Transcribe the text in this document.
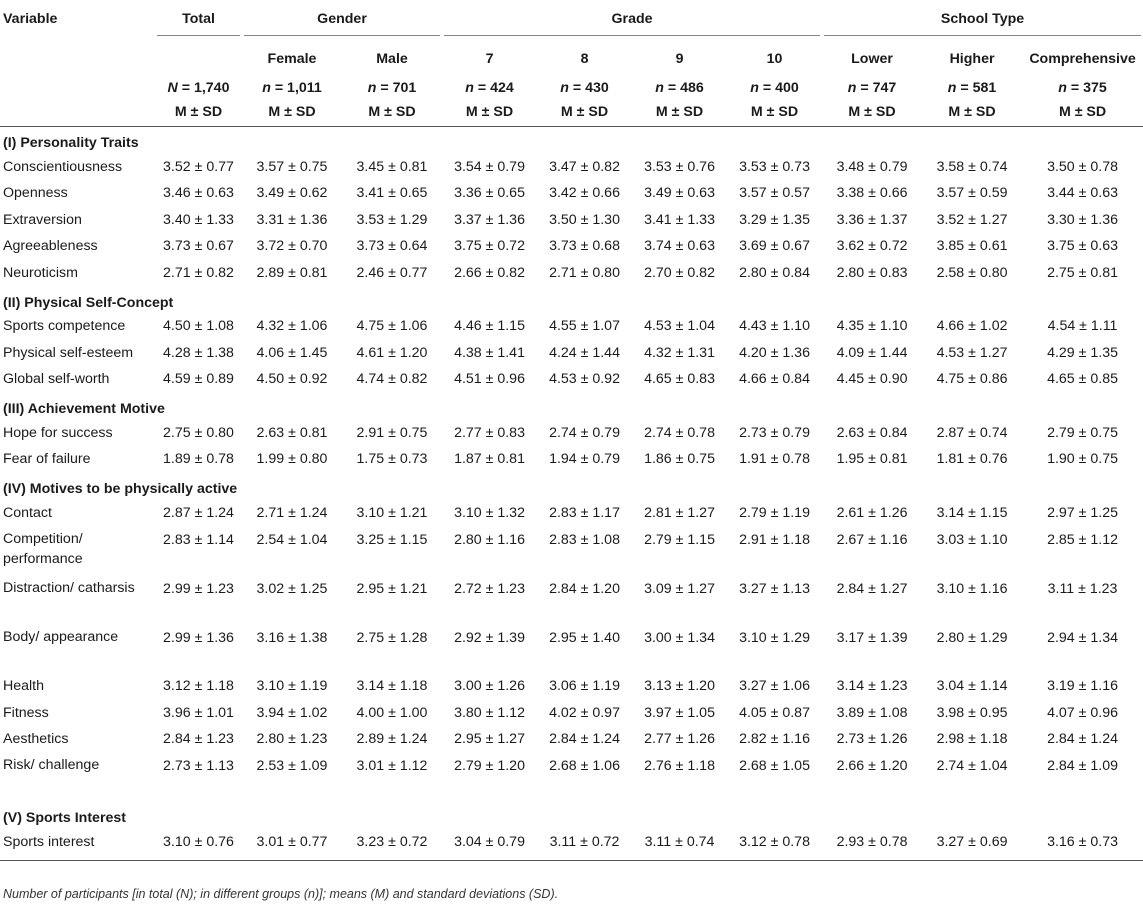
Variable	Total	Gender		Grade				School Type		

		Female	Male	7	8	9	10	Lower	Higher	Comprehensive
	N = 1,740	n = 1,011	n = 701	n = 424	n = 430	n = 486	n = 400	n = 747	n = 581	n = 375
	M ± SD	M ± SD	M ± SD	M ± SD	M ± SD	M ± SD	M ± SD	M ± SD	M ± SD	M ± SD
(I) Personality Traits										
Conscientiousness	3.52 ± 0.77	3.57 ± 0.75	3.45 ± 0.81	3.54 ± 0.79	3.47 ± 0.82	3.53 ± 0.76	3.53 ± 0.73	3.48 ± 0.79	3.58 ± 0.74	3.50 ± 0.78
Openness	3.46 ± 0.63	3.49 ± 0.62	3.41 ± 0.65	3.36 ± 0.65	3.42 ± 0.66	3.49 ± 0.63	3.57 ± 0.57	3.38 ± 0.66	3.57 ± 0.59	3.44 ± 0.63
Extraversion	3.40 ± 1.33	3.31 ± 1.36	3.53 ± 1.29	3.37 ± 1.36	3.50 ± 1.30	3.41 ± 1.33	3.29 ± 1.35	3.36 ± 1.37	3.52 ± 1.27	3.30 ± 1.36
Agreeableness	3.73 ± 0.67	3.72 ± 0.70	3.73 ± 0.64	3.75 ± 0.72	3.73 ± 0.68	3.74 ± 0.63	3.69 ± 0.67	3.62 ± 0.72	3.85 ± 0.61	3.75 ± 0.63
Neuroticism	2.71 ± 0.82	2.89 ± 0.81	2.46 ± 0.77	2.66 ± 0.82	2.71 ± 0.80	2.70 ± 0.82	2.80 ± 0.84	2.80 ± 0.83	2.58 ± 0.80	2.75 ± 0.81
(II) Physical Self-Concept										
Sports competence	4.50 ± 1.08	4.32 ± 1.06	4.75 ± 1.06	4.46 ± 1.15	4.55 ± 1.07	4.53 ± 1.04	4.43 ± 1.10	4.35 ± 1.10	4.66 ± 1.02	4.54 ± 1.11
Physical self-esteem	4.28 ± 1.38	4.06 ± 1.45	4.61 ± 1.20	4.38 ± 1.41	4.24 ± 1.44	4.32 ± 1.31	4.20 ± 1.36	4.09 ± 1.44	4.53 ± 1.27	4.29 ± 1.35
Global self-worth	4.59 ± 0.89	4.50 ± 0.92	4.74 ± 0.82	4.51 ± 0.96	4.53 ± 0.92	4.65 ± 0.83	4.66 ± 0.84	4.45 ± 0.90	4.75 ± 0.86	4.65 ± 0.85
(III) Achievement Motive										
Hope for success	2.75 ± 0.80	2.63 ± 0.81	2.91 ± 0.75	2.77 ± 0.83	2.74 ± 0.79	2.74 ± 0.78	2.73 ± 0.79	2.63 ± 0.84	2.87 ± 0.74	2.79 ± 0.75
Fear of failure	1.89 ± 0.78	1.99 ± 0.80	1.75 ± 0.73	1.87 ± 0.81	1.94 ± 0.79	1.86 ± 0.75	1.91 ± 0.78	1.95 ± 0.81	1.81 ± 0.76	1.90 ± 0.75
(IV) Motives to be physically active										
Contact	2.87 ± 1.24	2.71 ± 1.24	3.10 ± 1.21	3.10 ± 1.32	2.83 ± 1.17	2.81 ± 1.27	2.79 ± 1.19	2.61 ± 1.26	3.14 ± 1.15	2.97 ± 1.25
Competition/ performance	2.83 ± 1.14	2.54 ± 1.04	3.25 ± 1.15	2.80 ± 1.16	2.83 ± 1.08	2.79 ± 1.15	2.91 ± 1.18	2.67 ± 1.16	3.03 ± 1.10	2.85 ± 1.12
Distraction/ catharsis	2.99 ± 1.23	3.02 ± 1.25	2.95 ± 1.21	2.72 ± 1.23	2.84 ± 1.20	3.09 ± 1.27	3.27 ± 1.13	2.84 ± 1.27	3.10 ± 1.16	3.11 ± 1.23
Body/ appearance	2.99 ± 1.36	3.16 ± 1.38	2.75 ± 1.28	2.92 ± 1.39	2.95 ± 1.40	3.00 ± 1.34	3.10 ± 1.29	3.17 ± 1.39	2.80 ± 1.29	2.94 ± 1.34
Health	3.12 ± 1.18	3.10 ± 1.19	3.14 ± 1.18	3.00 ± 1.26	3.06 ± 1.19	3.13 ± 1.20	3.27 ± 1.06	3.14 ± 1.23	3.04 ± 1.14	3.19 ± 1.16
Fitness	3.96 ± 1.01	3.94 ± 1.02	4.00 ± 1.00	3.80 ± 1.12	4.02 ± 0.97	3.97 ± 1.05	4.05 ± 0.87	3.89 ± 1.08	3.98 ± 0.95	4.07 ± 0.96
Aesthetics	2.84 ± 1.23	2.80 ± 1.23	2.89 ± 1.24	2.95 ± 1.27	2.84 ± 1.24	2.77 ± 1.26	2.82 ± 1.16	2.73 ± 1.26	2.98 ± 1.18	2.84 ± 1.24
Risk/ challenge	2.73 ± 1.13	2.53 ± 1.09	3.01 ± 1.12	2.79 ± 1.20	2.68 ± 1.06	2.76 ± 1.18	2.68 ± 1.05	2.66 ± 1.20	2.74 ± 1.04	2.84 ± 1.09
(V) Sports Interest										
Sports interest	3.10 ± 0.76	3.01 ± 0.77	3.23 ± 0.72	3.04 ± 0.79	3.11 ± 0.72	3.11 ± 0.74	3.12 ± 0.78	2.93 ± 0.78	3.27 ± 0.69	3.16 ± 0.73
Number of participants [in total (N); in different groups (n)]; means (M) and standard deviations (SD).
